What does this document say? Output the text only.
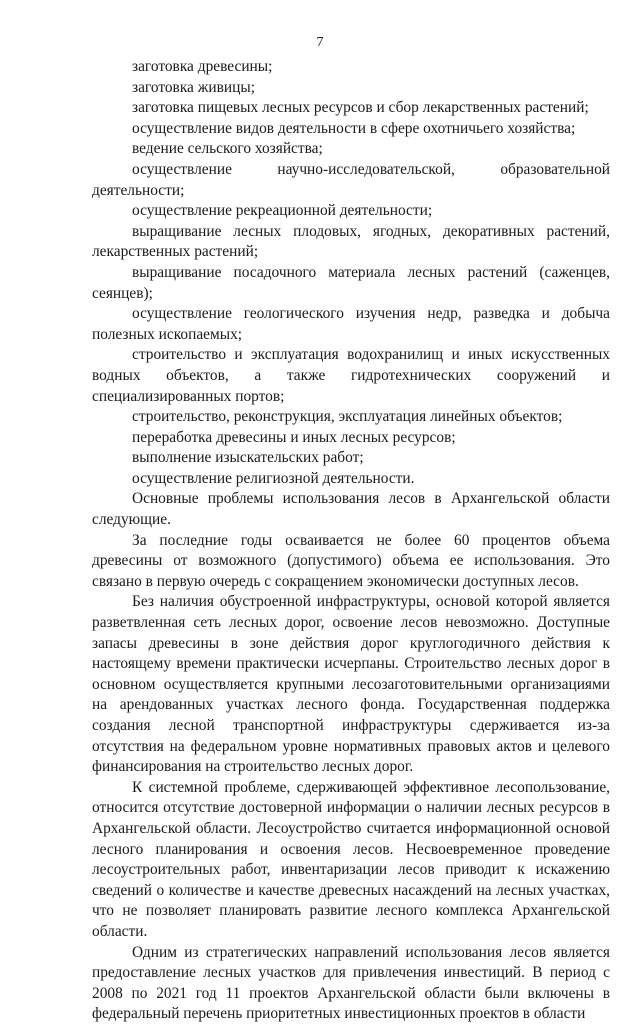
7

заготовка древесины;

заготовка живицы;

заготовка пищевых лесных ресурсов и сбор лекарственных растений;

осуществление видов деятельности в сфере охотничьего хозяйства;

ведение сельского хозяйства;

осуществление научно-исследовательской, образовательной деятельности;

осуществление рекреационной деятельности;

выращивание лесных плодовых, ягодных, декоративных растений, лекарственных растений;

выращивание посадочного материала лесных растений (саженцев, сеянцев);

осуществление геологического изучения недр, разведка и добыча полезных ископаемых;

строительство и эксплуатация водохранилищ и иных искусственных водных объектов, а также гидротехнических сооружений и специализированных портов;

строительство, реконструкция, эксплуатация линейных объектов;

переработка древесины и иных лесных ресурсов;

выполнение изыскательских работ;

осуществление религиозной деятельности.

Основные проблемы использования лесов в Архангельской области следующие.

За последние годы осваивается не более 60 процентов объема древесины от возможного (допустимого) объема ее использования. Это связано в первую очередь с сокращением экономически доступных лесов.

Без наличия обустроенной инфраструктуры, основой которой является разветвленная сеть лесных дорог, освоение лесов невозможно. Доступные запасы древесины в зоне действия дорог круглогодичного действия к настоящему времени практически исчерпаны. Строительство лесных дорог в основном осуществляется крупными лесозаготовительными организациями на арендованных участках лесного фонда. Государственная поддержка создания лесной транспортной инфраструктуры сдерживается из-за отсутствия на федеральном уровне нормативных правовых актов и целевого финансирования на строительство лесных дорог.

К системной проблеме, сдерживающей эффективное лесопользование, относится отсутствие достоверной информации о наличии лесных ресурсов в Архангельской области. Лесоустройство считается информационной основой лесного планирования и освоения лесов. Несвоевременное проведение лесоустроительных работ, инвентаризации лесов приводит к искажению сведений о количестве и качестве древесных насаждений на лесных участках, что не позволяет планировать развитие лесного комплекса Архангельской области.

Одним из стратегических направлений использования лесов является предоставление лесных участков для привлечения инвестиций. В период с 2008 по 2021 год 11 проектов Архангельской области были включены в федеральный перечень приоритетных инвестиционных проектов в области
